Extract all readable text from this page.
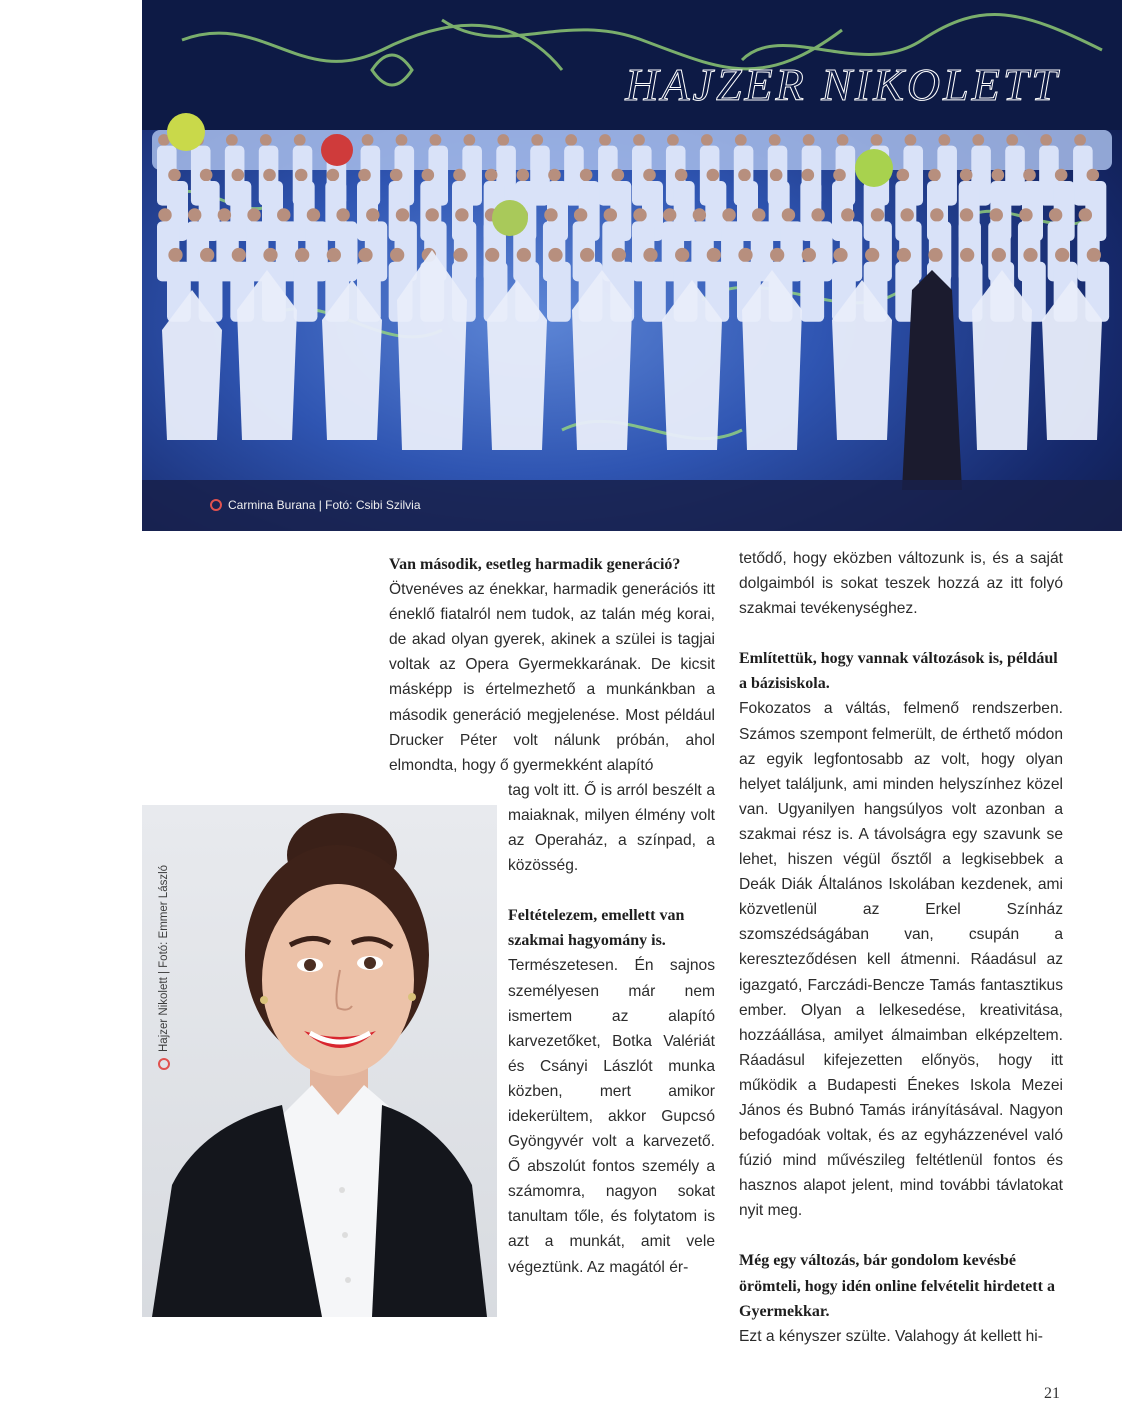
HAJZER NIKOLETT
Carmina Burana | Fotó: Csibi Szilvia
Hajzer Nikolett | Fotó: Emmer László
Van második, esetleg harmadik generáció?

Ötvenéves az énekkar, harmadik generációs itt éneklő fiatalról nem tudok, az talán még korai, de akad olyan gyerek, akinek a szülei is tagjai voltak az Opera Gyermekkarának. De kicsit másképp is értelmezhető a munkánkban a második generáció megjelenése. Most például Drucker Péter volt nálunk próbán, ahol elmondta, hogy ő gyermekként alapító

tag volt itt. Ő is arról beszélt a maiaknak, milyen élmény volt az Operaház, a színpad, a közösség.

Feltételezem, emellett van szakmai hagyomány is.

Természetesen. Én sajnos személyesen már nem ismertem az alapító karvezetőket, Botka Valériát és Csányi Lászlót munka közben, mert amikor idekerültem, akkor Gupcsó Gyöngyvér volt a karvezető. Ő abszolút fontos személy a számomra, nagyon sokat tanultam tőle, és folytatom is azt a munkát, amit vele végeztünk. Az magától ér-

tetődő, hogy eközben változunk is, és a saját dolgaimból is sokat teszek hozzá az itt folyó szakmai tevékenységhez.

Említettük, hogy vannak változások is, például a bázisiskola.

Fokozatos a váltás, felmenő rendszerben. Számos szempont felmerült, de érthető módon az egyik legfontosabb az volt, hogy olyan helyet találjunk, ami minden helyszínhez közel van. Ugyanilyen hangsúlyos volt azonban a szakmai rész is. A távolságra egy szavunk se lehet, hiszen végül ősztől a legkisebbek a Deák Diák Általános Iskolában kezdenek, ami közvetlenül az Erkel Színház szomszédságában van, csupán a kereszteződésen kell átmenni. Ráadásul az igazgató, Farczádi-Bencze Tamás fantasztikus ember. Olyan a lelkesedése, kreativitása, hozzáállása, amilyet álmaimban elképzeltem. Ráadásul kifejezetten előnyös, hogy itt működik a Budapesti Énekes Iskola Mezei János és Bubnó Tamás irányításával. Nagyon befogadóak voltak, és az egyházzenével való fúzió mind művészileg feltétlenül fontos és hasznos alapot jelent, mind további távlatokat nyit meg.

Még egy változás, bár gondolom kevésbé örömteli, hogy idén online felvételit hirdetett a Gyermekkar.

Ezt a kényszer szülte. Valahogy át kellett hi-

21
